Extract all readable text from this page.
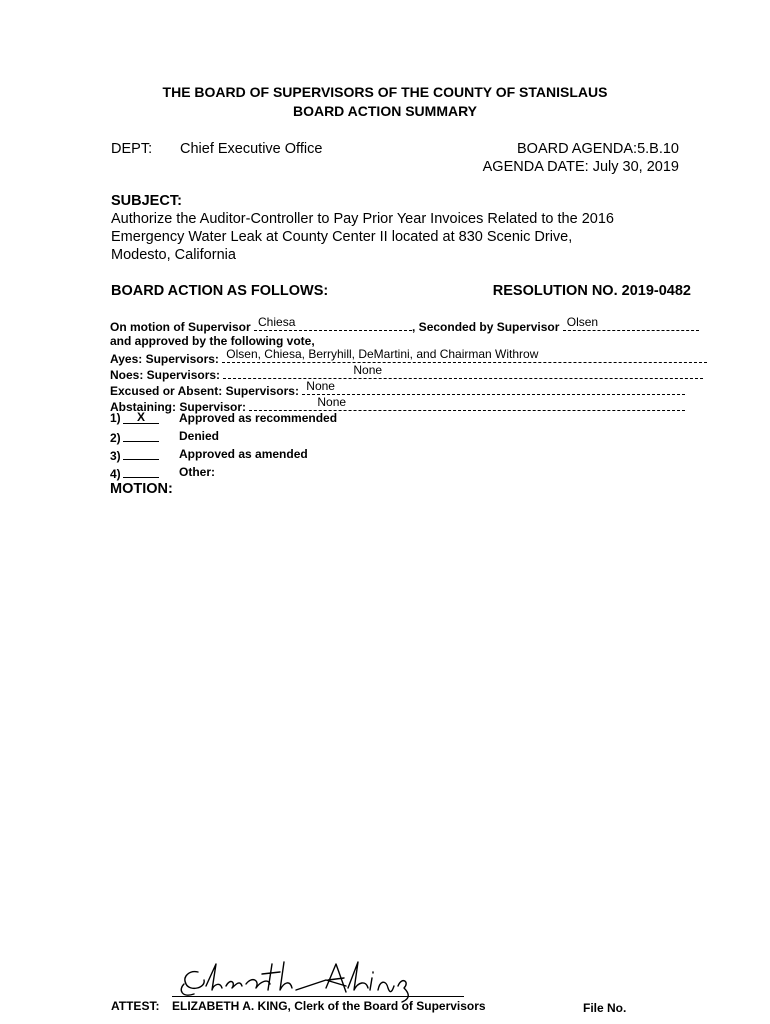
THE BOARD OF SUPERVISORS OF THE COUNTY OF STANISLAUS
BOARD ACTION SUMMARY
DEPT: Chief Executive Office	BOARD AGENDA:5.B.10
AGENDA DATE: July 30, 2019
SUBJECT:
Authorize the Auditor-Controller to Pay Prior Year Invoices Related to the 2016
Emergency Water Leak at County Center II located at 830 Scenic Drive,
Modesto, California
BOARD ACTION AS FOLLOWS:	RESOLUTION NO. 2019-0482
On motion of Supervisor Chiesa	, Seconded by Supervisor Olsen
and approved by the following vote,
Ayes: Supervisors: Olsen, Chiesa, Berryhill, DeMartini, and Chairman Withrow
Noes: Supervisors:	None
Excused or Absent: Supervisors: None
Abstaining: Supervisor:	None
1) X	Approved as recommended
2)	Denied
3)	Approved as amended
4)	Other:
MOTION:
ATTEST: ELIZABETH A. KING, Clerk of the Board of Supervisors	File No.
